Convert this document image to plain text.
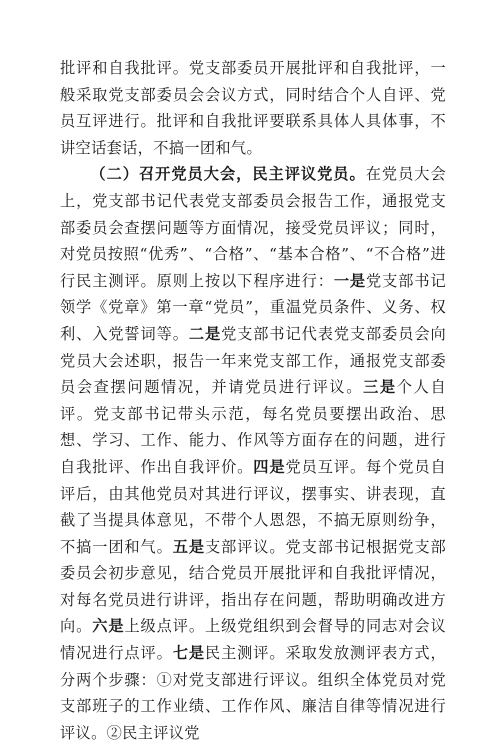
批评和自我批评。党支部委员开展批评和自我批评，一般采取党支部委员会会议方式，同时结合个人自评、党员互评进行。批评和自我批评要联系具体人具体事，不讲空话套话，不搞一团和气。

（二）召开党员大会，民主评议党员。在党员大会上，党支部书记代表党支部委员会报告工作，通报党支部委员会查摆问题等方面情况，接受党员评议；同时，对党员按照“优秀”、“合格”、“基本合格”、“不合格”进行民主测评。原则上按以下程序进行：一是党支部书记领学《党章》第一章“党员”，重温党员条件、义务、权利、入党誓词等。二是党支部书记代表党支部委员会向党员大会述职，报告一年来党支部工作，通报党支部委员会查摆问题情况，并请党员进行评议。三是个人自评。党支部书记带头示范，每名党员要摆出政治、思想、学习、工作、能力、作风等方面存在的问题，进行自我批评、作出自我评价。四是党员互评。每个党员自评后，由其他党员对其进行评议，摆事实、讲表现，直截了当提具体意见，不带个人恩怨，不搞无原则纷争，不搞一团和气。五是支部评议。党支部书记根据党支部委员会初步意见，结合党员开展批评和自我批评情况，对每名党员进行讲评，指出存在问题，帮助明确改进方向。六是上级点评。上级党组织到会督导的同志对会议情况进行点评。七是民主测评。采取发放测评表方式，分两个步骤：①对党支部进行评议。组织全体党员对党支部班子的工作业绩、工作作风、廉洁自律等情况进行评议。②民主评议党
